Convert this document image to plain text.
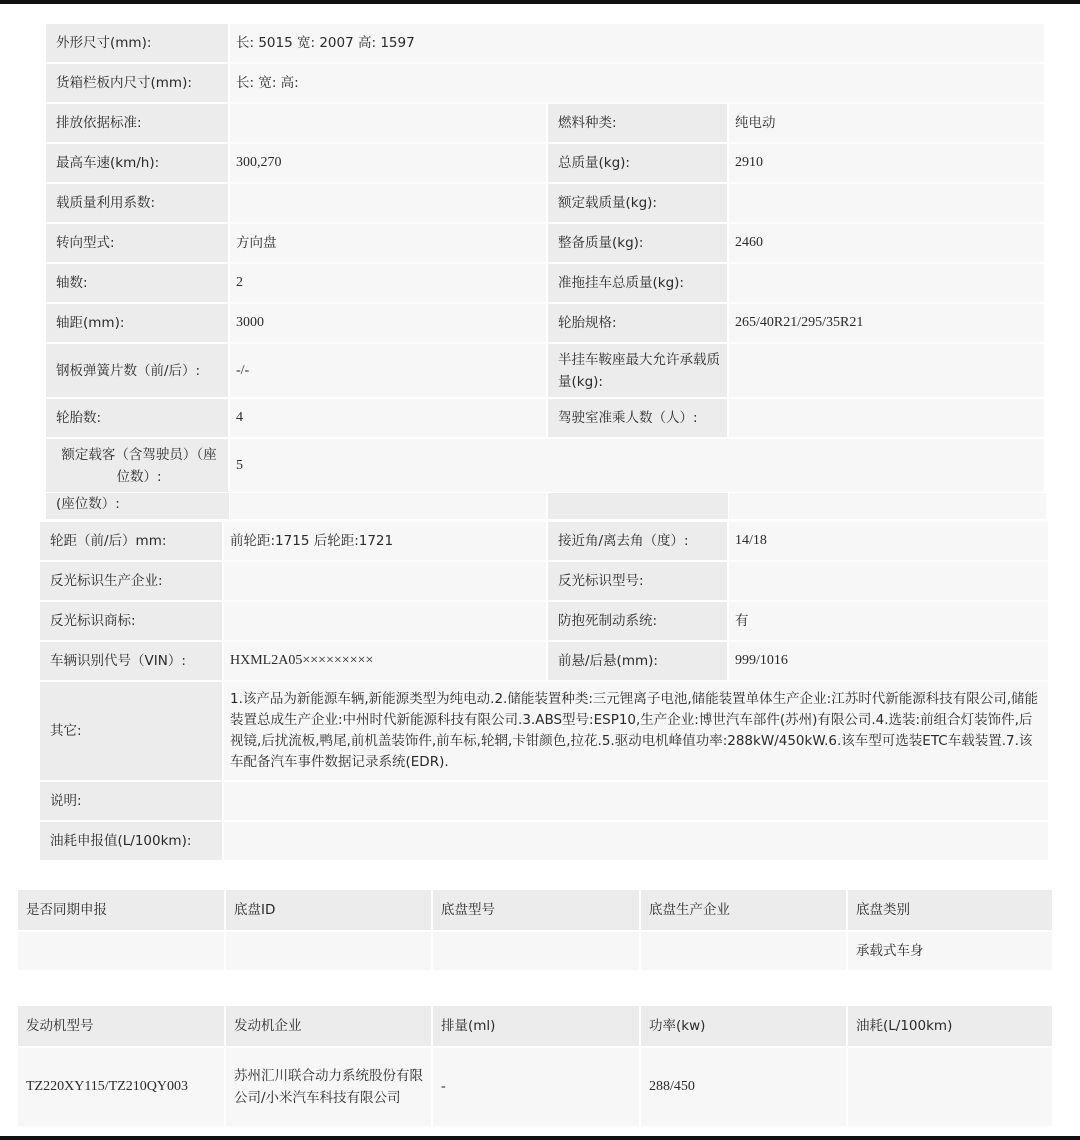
外形尺寸(mm):	长: 5015 宽: 2007 高: 1597		
货箱栏板内尺寸(mm):	长: 宽: 高:		
排放依据标准:		燃料种类:	纯电动
最高车速(km/h):	300,270	总质量(kg):	2910
载质量利用系数:		额定载质量(kg):	
转向型式:	方向盘	整备质量(kg):	2460
轴数:	2	准拖挂车总质量(kg):	
轴距(mm):	3000	轮胎规格:	265/40R21/295/35R21
钢板弹簧片数（前/后）:	-/-	半挂车鞍座最大允许承载质量(kg):	
轮胎数:	4	驾驶室准乘人数（人）:	
额定载客（含驾驶员）（座位数）:	5		
(座位数）:
轮距（前/后）mm:	前轮距:1715 后轮距:1721	接近角/离去角（度）:	14/18
反光标识生产企业:		反光标识型号:	
反光标识商标:		防抱死制动系统:	有
车辆识别代号（VIN）:	HXML2A05×××××××××	前悬/后悬(mm):	999/1016
其它:	1.该产品为新能源车辆,新能源类型为纯电动.2.储能装置种类:三元锂离子电池,储能装置单体生产企业:江苏时代新能源科技有限公司,储能装置总成生产企业:中州时代新能源科技有限公司.3.ABS型号:ESP10,生产企业:博世汽车部件(苏州)有限公司.4.选装:前组合灯装饰件,后视镜,后扰流板,鸭尾,前机盖装饰件,前车标,轮辋,卡钳颜色,拉花.5.驱动电机峰值功率:288kW/450kW.6.该车型可选装ETC车载装置.7.该车配备汽车事件数据记录系统(EDR).		
说明:			
油耗申报值(L/100km):			
是否同期申报	底盘ID	底盘型号	底盘生产企业	底盘类别
				承载式车身
发动机型号	发动机企业	排量(ml)	功率(kw)	油耗(L/100km)
TZ220XY115/TZ210QY003	苏州汇川联合动力系统股份有限公司/小米汽车科技有限公司	-	288/450	
